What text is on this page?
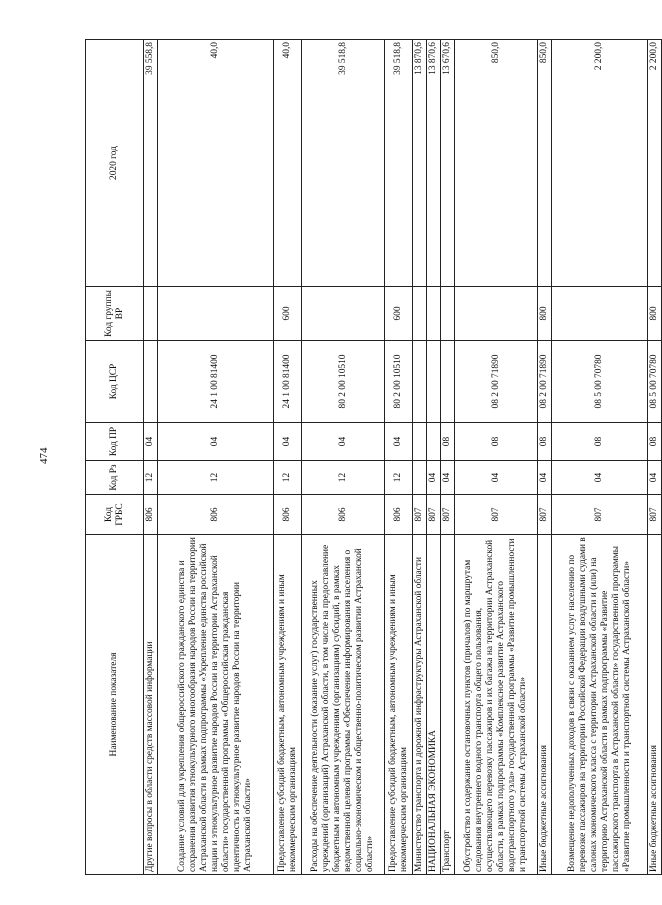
474
Наименование показателя	Код ГРБС	Код Рз	Код ПР	Код ЦСР	Код группы ВР	2020 год
Другие вопросы в области средств массовой информации	806	12	04			39 558,8
Создание условий для укрепления общероссийского гражданского единства и сохранения развития этнокультурного многообразия народов России на территории Астраханской области в рамках подпрограммы «Укрепление единства российской нации и этнокультурное развитие народов России на территории Астраханской области» государственной программы «Общероссийская гражданская идентичность и этнокультурное развитие народов России на территории Астраханской области»	806	12	04	24 1 00 81400		40,0
Предоставление субсидий бюджетным, автономным учреждениям и иным некоммерческим организациям	806	12	04	24 1 00 81400	600	40,0
Расходы на обеспечение деятельности (оказание услуг) государственных учреждений (организаций) Астраханской области, в том числе на предоставление бюджетным и автономным учреждениям (организациям) субсидий, в рамках ведомственной целевой программы «Обеспечение информирования населения о социально-экономическом и общественно-политическом развитии Астраханской области»	806	12	04	80 2 00 10510		39 518,8
Предоставление субсидий бюджетным, автономным учреждениям и иным некоммерческим организациям	806	12	04	80 2 00 10510	600	39 518,8
Министерство транспорта и дорожной инфраструктуры Астраханской области	807					13 870,6
НАЦИОНАЛЬНАЯ ЭКОНОМИКА	807	04				13 870,6
Транспорт	807	04	08			13 670,6
Обустройство и содержание остановочных пунктов (причалов) по маршрутам следования внутреннего водного транспорта общего пользования, осуществляющего перевозку пассажиров и их багажа на территории Астраханской области, в рамках подпрограммы «Комплексное развитие Астраханского водотранспортного узла» государственной программы «Развитие промышленности и транспортной системы Астраханской области»	807	04	08	08 2 00 71890		850,0
Иные бюджетные ассигнования	807	04	08	08 2 00 71890	800	850,0
Возмещение недополученных доходов в связи с оказанием услуг населению по перевозке пассажиров на территории Российской Федерации воздушными судами в салонах экономического класса с территории Астраханской области и (или) на территорию Астраханской области в рамках подпрограммы «Развитие пассажирского транспорта в Астраханской области» государственной программы «Развитие промышленности и транспортной системы Астраханской области»	807	04	08	08 5 00 70780		2 200,0
Иные бюджетные ассигнования	807	04	08	08 5 00 70780	800	2 200,0
